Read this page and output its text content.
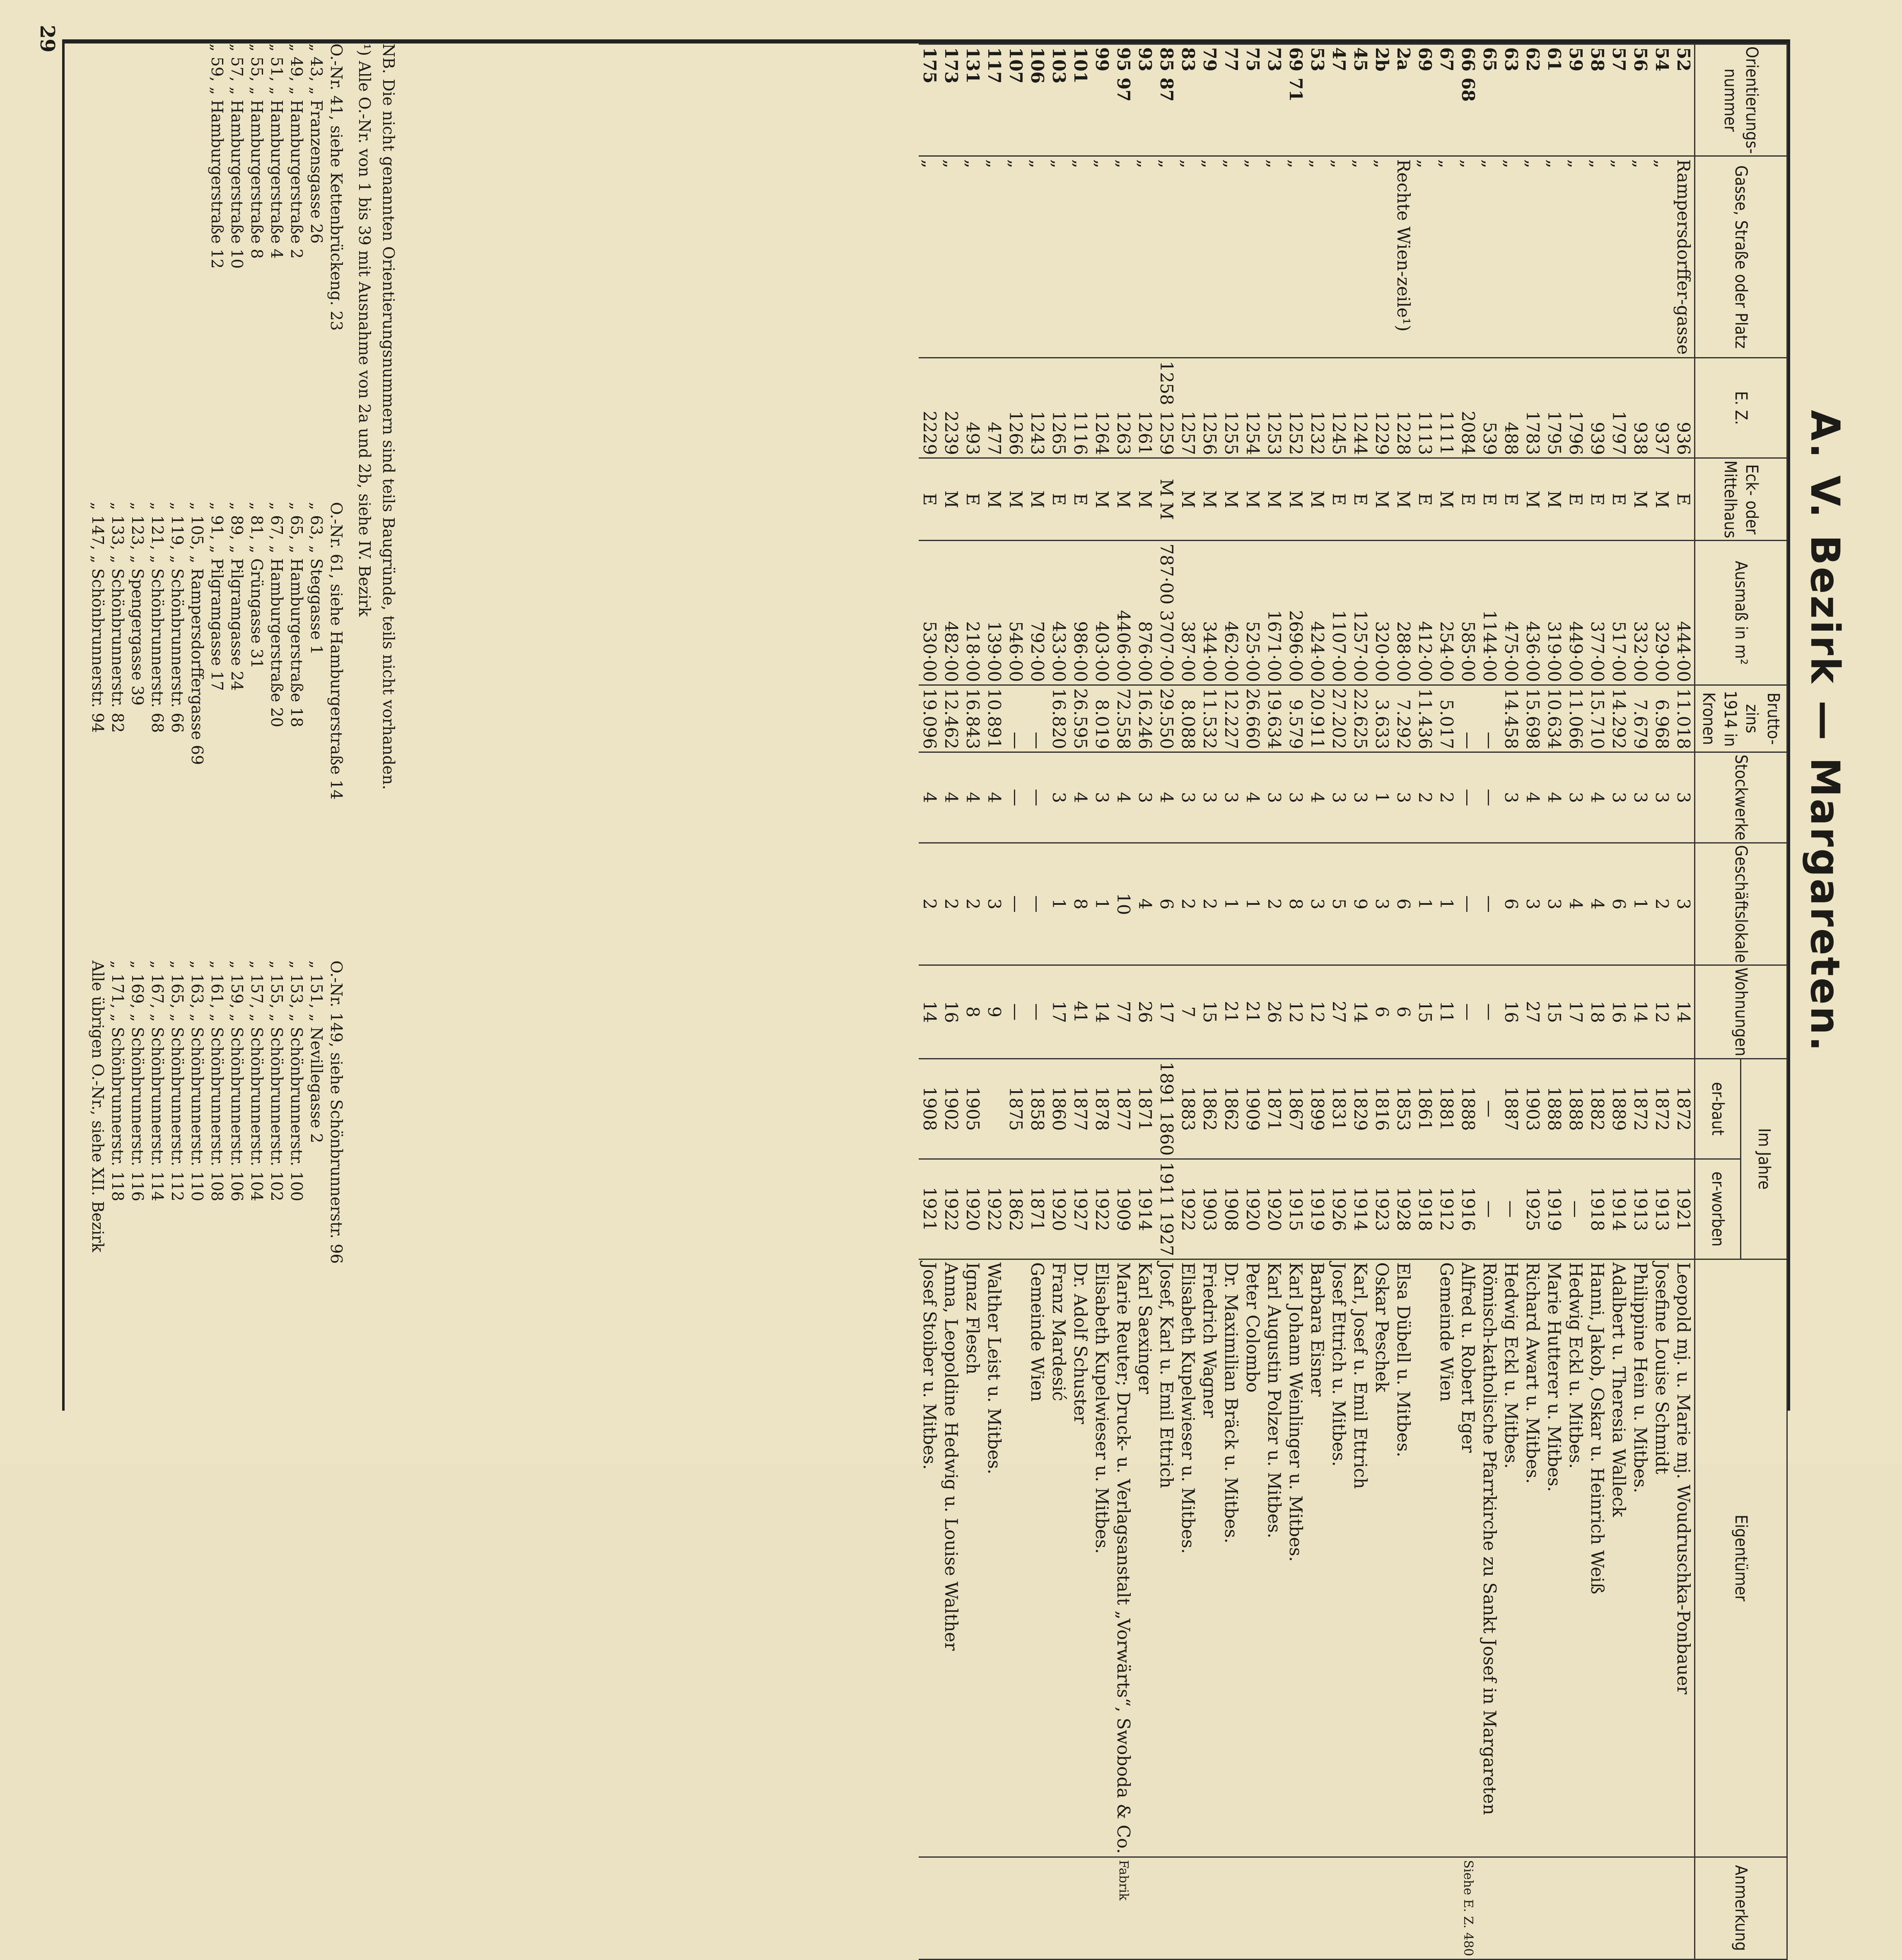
29
A. V. Bezirk — Margareten.
Orientierungs-nummer	Gasse, Straße oder Platz	E. Z.	Eck- oder Mittelhaus	Ausmaß in m²	Brutto-zins 1914 in Kronen	Stockwerke	Geschäftslokale	Wohnungen	Im Jahre		Eigentümer	Anmerkung
									er-baut	er-worben		
52	Rampersdorffer-gasse	936	E	444·00	11.018	3	3	14	1872	1921	Leopold mj. u. Marie mj. Woudruschka-Ponbauer	
54	„	937	M	329·00	6.968	3	2	12	1872	1913	Josefine Louise Schmidt	
56	„	938	M	332·00	7.679	3	1	14	1872	1913	Philippine Hein u. Mitbes.	
57	„	1797	E	517·00	14.292	3	6	16	1889	1914	Adalbert u. Theresia Walleck	
58	„	939	E	377·00	15.710	4	4	18	1882	1918	Hanni, Jakob, Oskar u. Heinrich Weiß	
59	„	1796	E	449·00	11.066	3	4	17	1888	—	Hedwig Eckl u. Mitbes.	
61	„	1795	M	319·00	10.634	4	3	15	1888	1919	Marie Hutterer u. Mitbes.	
62	„	1783	M	436·00	15.698	4	3	27	1903	1925	Richard Awart u. Mitbes.	
63	„	488	E	475·00	14.458	3	6	16	1887	—	Hedwig Eckl u. Mitbes.	
65	„	539	E	1144·00	—	—	—	—	—	—	Römisch-katholische Pfarrkirche zu Sankt Josef in Margareten	
66 68	„	2084	E	585·00	—	—	—	—	1888	1916	Alfred u. Robert Eger	Siehe E. Z. 480
67	„	1111	M	254·00	5.017	2	1	11	1881	1912	Gemeinde Wien	
69	„	1113	E	412·00	11.436	2	1	15	1861	1918		
2a	Rechte Wien-zeile¹)	1228	M	288·00	7.292	3	6	6	1853	1928	Elsa Dübell u. Mitbes.	
2b	„	1229	M	320·00	3.633	1	3	6	1816	1923	Oskar Peschek	
45	„	1244	E	1257·00	22.625	3	9	14	1829	1914	Karl, Josef u. Emil Ettrich	
47	„	1245	E	1107·00	27.202	3	5	27	1831	1926	Josef Ettrich u. Mitbes.	
53	„	1232	M	424·00	20.911	4	3	12	1899	1919	Barbara Eisner	
69 71	„	1252	M	2696·00	9.579	3	8	12	1867	1915	Karl Johann Weinlinger u. Mitbes.	
73	„	1253	M	1671·00	19.634	3	2	26	1871	1920	Karl Augustin Polzer u. Mitbes.	
75	„	1254	M	525·00	26.660	4	1	21	1909	1920	Peter Colombo	
77	„	1255	M	462·00	12.227	3	1	21	1862	1908	Dr. Maximilian Bräck u. Mitbes.	
79	„	1256	M	344·00	11.532	3	2	15	1862	1903	Friedrich Wagner	
83	„	1257	M	387·00	8.088	3	2	7	1883	1922	Elisabeth Kupelwieser u. Mitbes.	
85 87	„	1258 1259	M M	787·00 3707·00	29.550	4	6	17	1891 1860	1911 1927	Josef, Karl u. Emil Ettrich	
93	„	1261	M	876·00	16.246	3	4	26	1871	1914	Karl Saexinger	
95 97	„	1263	M	4406·00	72.558	4	10	77	1877	1909	Marie Reuter; Druck- u. Verlagsanstalt „Vorwärts“, Swoboda & Co.	Fabrik
99	„	1264	M	403·00	8.019	3	1	14	1878	1922	Elisabeth Kupelwieser u. Mitbes.	
101	„	1116	E	986·00	26.595	4	8	41	1877	1927	Dr. Adolf Schuster	
103	„	1265	E	433·00	16.820	3	1	17	1860	1920	Franz Mardesić	
106	„	1243	M	792·00	—	—	—	—	1858	1871	Gemeinde Wien	
107	„	1266	M	546·00	—	—	—	—	1875	1862		
117	„	477	M	139·00	10.891	4	3	9		1922	Walther Leist u. Mitbes.	
131	„	493	E	218·00	16.843	4	2	8	1905	1920	Ignaz Flesch	
173	„	2239	M	482·00	12.462	4	2	16	1902	1922	Anna, Leopoldine Hedwig u. Louise Walther	
175	„	2229	E	530·00	19.096	4	2	14	1908	1921	Josef Stoiber u. Mitbes.	

NB. Die nicht genannten Orientierungsnummern sind teils Baugründe, teils nicht vorhanden.

¹) Alle O.-Nr. von 1 bis 39 mit Ausnahme von 2a und 2b, siehe IV. Bezirk

O.-Nr. 41, siehe Kettenbrückeng. 23
„ 43, „ Franzensgasse 26
„ 49, „ Hamburgerstraße 2
„ 51, „ Hamburgerstraße 4
„ 55, „ Hamburgerstraße 8
„ 57, „ Hamburgerstraße 10
„ 59, „ Hamburgerstraße 12
O.-Nr. 61, siehe Hamburgerstraße 14
„ 63, „ Steggasse 1
„ 65, „ Hamburgerstraße 18
„ 67, „ Hamburgerstraße 20
„ 81, „ Grüngasse 31
„ 89, „ Pilgramgasse 24
„ 91, „ Pilgramgasse 17
„ 105, „ Rampersdorffergasse 69
„ 119, „ Schönbrunnerstr. 66
„ 121, „ Schönbrunnerstr. 68
„ 123, „ Spengergasse 39
„ 133, „ Schönbrunnerstr. 82
„ 147, „ Schönbrunnerstr. 94
O.-Nr. 149, siehe Schönbrunnerstr. 96
„ 151, „ Nevillegasse 2
„ 153, „ Schönbrunnerstr. 100
„ 155, „ Schönbrunnerstr. 102
„ 157, „ Schönbrunnerstr. 104
„ 159, „ Schönbrunnerstr. 106
„ 161, „ Schönbrunnerstr. 108
„ 163, „ Schönbrunnerstr. 110
„ 165, „ Schönbrunnerstr. 112
„ 167, „ Schönbrunnerstr. 114
„ 169, „ Schönbrunnerstr. 116
„ 171, „ Schönbrunnerstr. 118
Alle übrigen O.-Nr., siehe XII. Bezirk
